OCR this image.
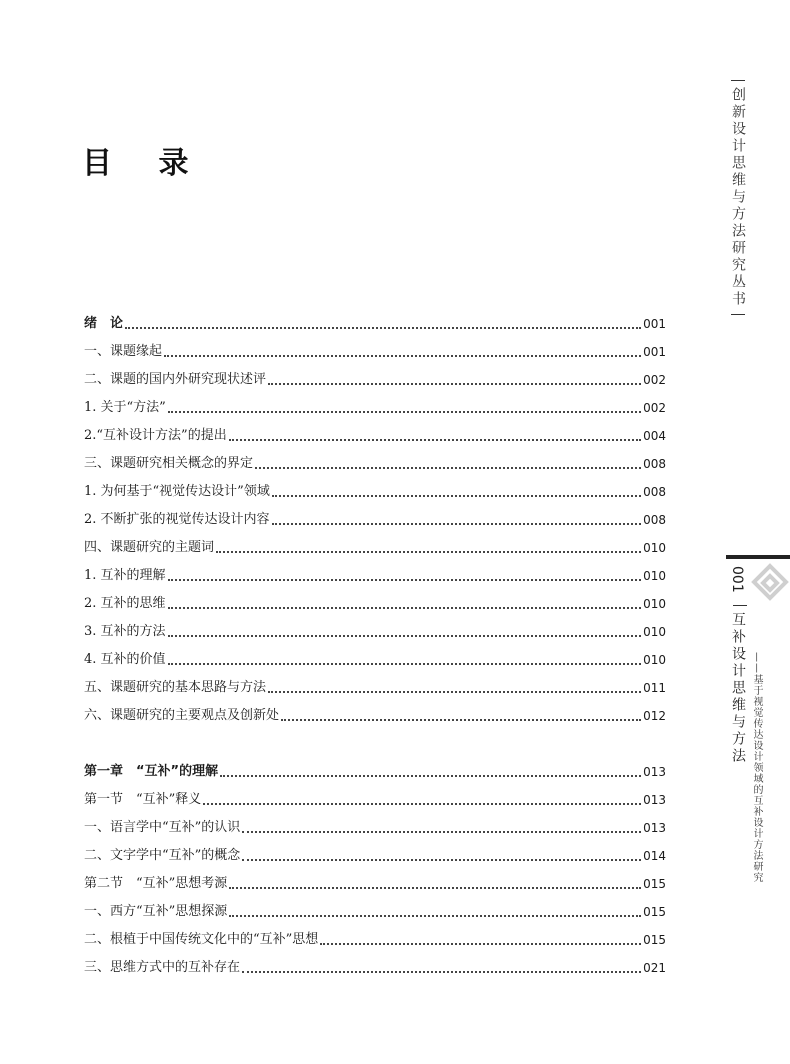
目 录
绪　论	001
一、课题缘起	001
二、课题的国内外研究现状述评	002
1. 关于“方法”	002
2.“互补设计方法”的提出	004
三、课题研究相关概念的界定	008
1. 为何基于“视觉传达设计”领域	008
2. 不断扩张的视觉传达设计内容	008
四、课题研究的主题词	010
1. 互补的理解	010
2. 互补的思维	010
3. 互补的方法	010
4. 互补的价值	010
五、课题研究的基本思路与方法	011
六、课题研究的主要观点及创新处	012
第一章　“互补”的理解	013
第一节　“互补”释义	013
一、语言学中“互补”的认识	013
二、文字学中“互补”的概念	014
第二节　“互补”思想考源	015
一、西方“互补”思想探源	015
二、根植于中国传统文化中的“互补”思想	015
三、思维方式中的互补存在	021
创新设计思维与方法研究丛书
001
互补设计思维与方法 ——基于视觉传达设计领域的互补设计方法研究
